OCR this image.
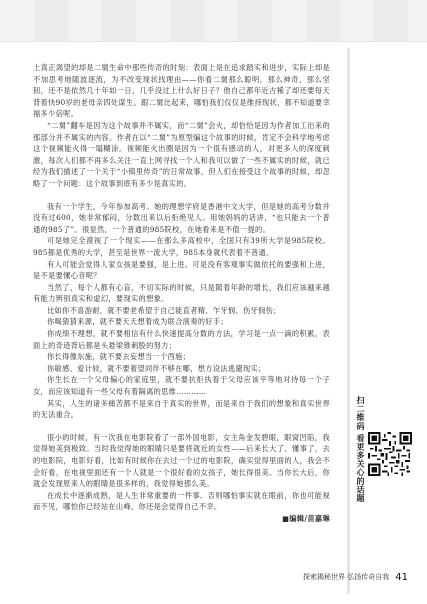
上真正渴望的却是二舅生命中那些传奇的时刻：表面上是在追求踏实和进步，实际上却是不加思考地随波逐流，为不改变现状找理由——你看二舅那么聪明，那么神奇，那么坚韧，还不是依然几十年如一日，几乎没过上什么好日子？他自己都年近古稀了却还要每天背着快90岁的老母亲四处谋生。跟二舅比起来，哪怕我们仅仅是维持现状，都不知道要幸福多少倍呢。

“二舅”翻车是因为这个故事并不属实，而“二舅”会火，却恰恰是因为作者加工出来的那部分并不属实的内容。作者在以“二舅”为原型编这个故事的时候，肯定不会科学地考虑这个视频能火得一塌糊涂。视频能火出圈是因为一个很有感动的人，对更多人的深度刺激，每次人们都不再多么关注一直上网寻找一个人和我可以做了一些不属实的时候，就已经为我们描述了一个关于“小镇里传奇”的日常故事，但人们在接受这个故事的时候，却忽略了一个问题：这个故事到底有多少是真实的。

我有一个学生，今年参加高考。她的理想学府是香港中文大学，但是她的高考分数并没有过600，她非常郁闷，分数出来以后拒绝见人。用她妈妈的话讲，“也只能去一个普通的985了”。很显然，一个普通的985院校，在她看来是不值一提的。

可是她完全漠视了一个现实——在那么多高校中，全国只有39所大学是985院校。985都是优秀的大学，甚至是世界一流大学，985本身就代表着不普通。

有人可能会觉得人家女孩是要强，是上进。可是没有客观事实做依托的要强和上进，是不是要懂心音呢？

当然了，每个人都有心盲，不切实际的时候，只是随着年龄的增长，我们应该越来越有能力辨别真实和虚幻，要现实的想象。

比如你不喜游耐，就不要老希望于自己能直者精、乍牙悯、伤牙悯伤；

你喝猜猜来源，就不要天天想着成为联合演奏的好手；

你成绩不理想，就不要相信有什么快速提高分数的方法，学习是一点一滴的积累，表面上的奇迹背后都是头悬梁锥刺股的努力；

你长得像东施，就不要去妄想当一个西施；

你敏感、爱计较，就不要奢望同伴不够在哪，想方设法逃避现实；

你生长在一个父母偏心的家庭里，就不要抗拒执着于父母应该平等地对待每一个子女，而应该知道有一些父母有着隔离的思维…………

其实，人生的诸多痛苦都不是来自于真实的世界，而是来自于我们的想象和真实世界的无法重合。

很小的时候，有一次我在电影院看了一部外国电影，女主角金发碧眼，眼窝凹陷，我觉得她美到极致。当时我觉得她的眼睛只是要将就近的女性——后来长大了、懂事了，去的电影院，电影好看，比如有时候你在去过一个过的电影院，确实觉得里面的人，我会不会好看，在电视里面还有一个人就是一个很好看的女孩子，她长得很美。当你长大后，你就会发现原来人的眼睛是很多样的，我觉得她那么美。

在成长中逐渐成熟，是人生非常重要的一件事。否则哪怕事实就在眼前，你也可能视而不见，哪怕你已经站在山峰，你还是会觉得自己不幸。

■编辑/苗嘉琳

扫二维码 看更多关心的话题
探索揭秘世界 弘扬传奇自我 41
